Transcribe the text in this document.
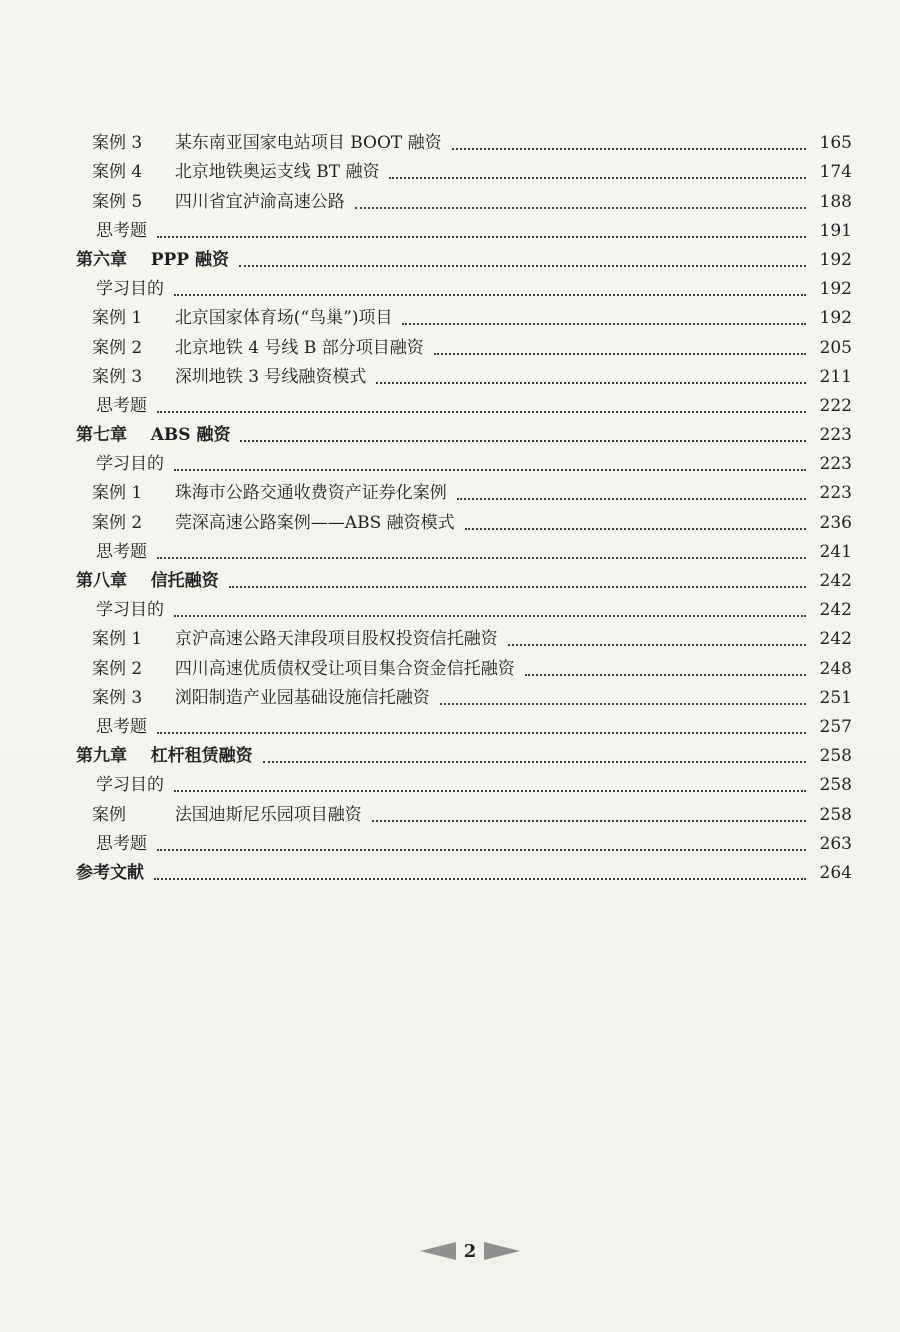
案例 3 某东南亚国家电站项目 BOOT 融资	165
案例 4 北京地铁奥运支线 BT 融资	174
案例 5 四川省宜泸渝高速公路	188
思考题	191
第六章 PPP 融资	192
学习目的	192
案例 1 北京国家体育场(“鸟巢”)项目	192
案例 2 北京地铁 4 号线 B 部分项目融资	205
案例 3 深圳地铁 3 号线融资模式	211
思考题	222
第七章 ABS 融资	223
学习目的	223
案例 1 珠海市公路交通收费资产证券化案例	223
案例 2 莞深高速公路案例——ABS 融资模式	236
思考题	241
第八章 信托融资	242
学习目的	242
案例 1 京沪高速公路天津段项目股权投资信托融资	242
案例 2 四川高速优质债权受让项目集合资金信托融资	248
案例 3 浏阳制造产业园基础设施信托融资	251
思考题	257
第九章 杠杆租赁融资	258
学习目的	258
案例	法国迪斯尼乐园项目融资	258
思考题	263
参考文献	264
2
